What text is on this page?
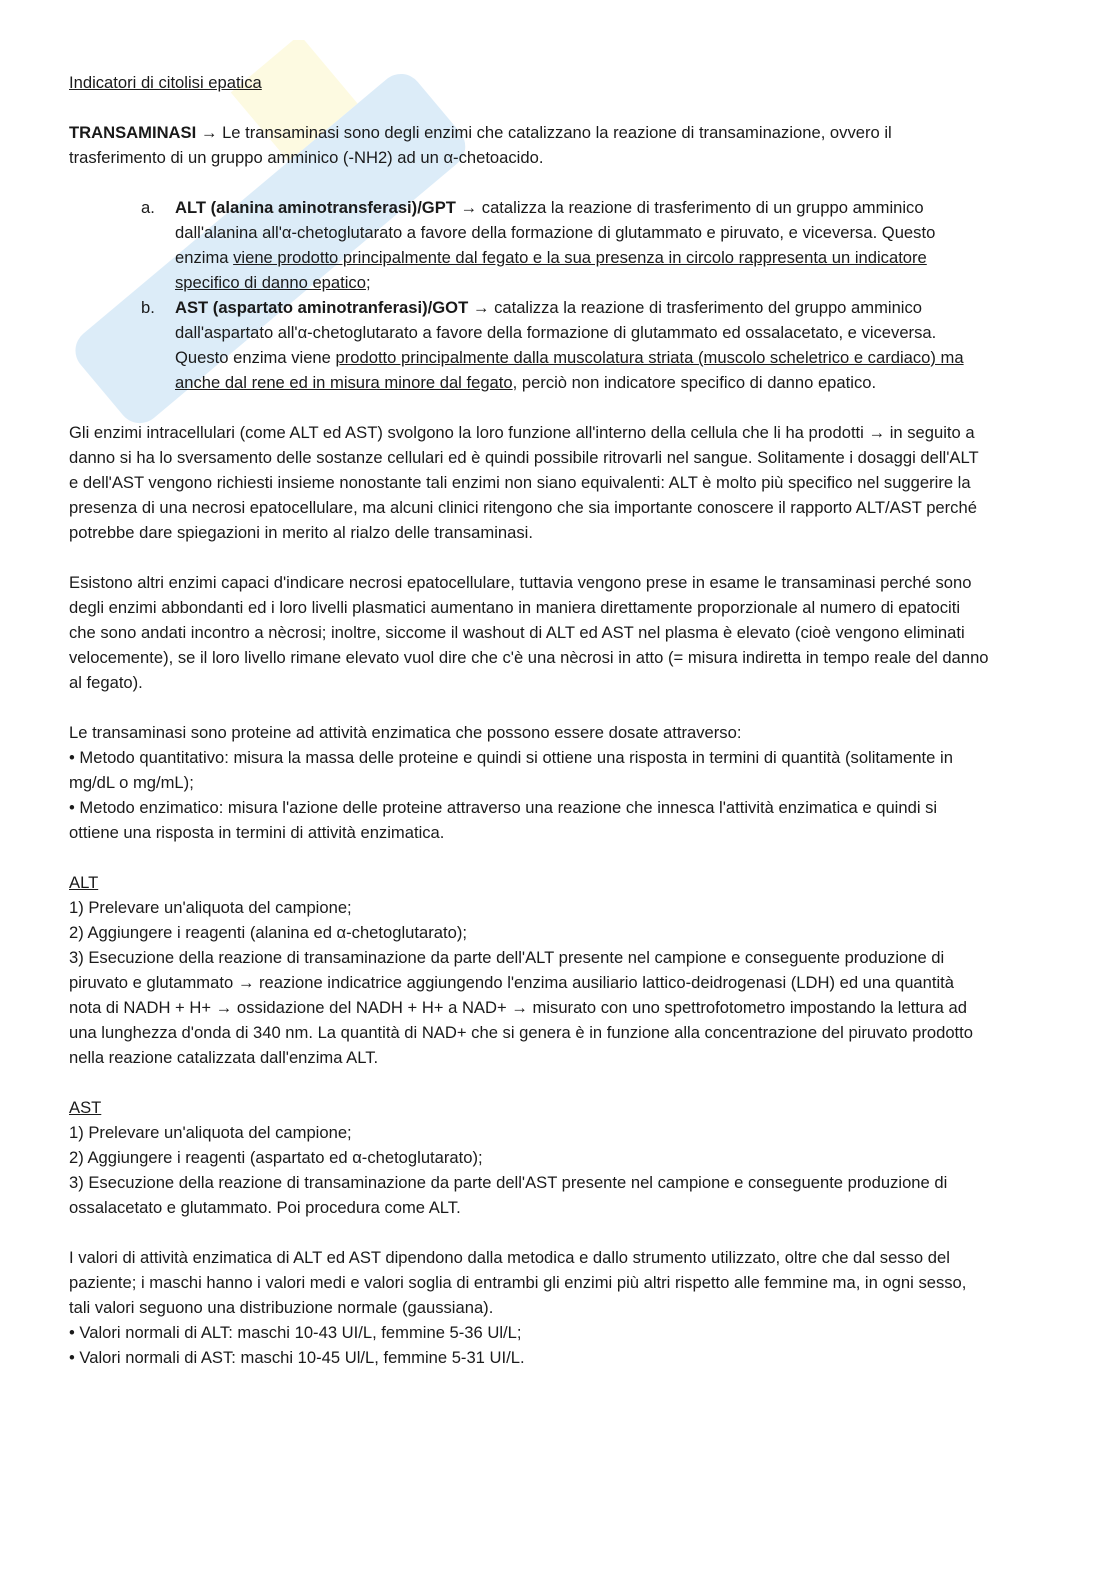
Indicatori di citolisi epatica

TRANSAMINASI → Le transaminasi sono degli enzimi che catalizzano la reazione di transaminazione, ovvero il trasferimento di un gruppo amminico (-NH2) ad un α-chetoacido.

a. ALT (alanina aminotransferasi)/GPT → catalizza la reazione di trasferimento di un gruppo amminico dall'alanina all'α-chetoglutarato a favore della formazione di glutammato e piruvato, e viceversa. Questo enzima viene prodotto principalmente dal fegato e la sua presenza in circolo rappresenta un indicatore specifico di danno epatico;
b. AST (aspartato aminotranferasi)/GOT → catalizza la reazione di trasferimento del gruppo amminico dall'aspartato all'α-chetoglutarato a favore della formazione di glutammato ed ossalacetato, e viceversa. Questo enzima viene prodotto principalmente dalla muscolatura striata (muscolo scheletrico e cardiaco) ma anche dal rene ed in misura minore dal fegato, perciò non indicatore specifico di danno epatico.

Gli enzimi intracellulari (come ALT ed AST) svolgono la loro funzione all'interno della cellula che li ha prodotti → in seguito a danno si ha lo sversamento delle sostanze cellulari ed è quindi possibile ritrovarli nel sangue. Solitamente i dosaggi dell'ALT e dell'AST vengono richiesti insieme nonostante tali enzimi non siano equivalenti: ALT è molto più specifico nel suggerire la presenza di una necrosi epatocellulare, ma alcuni clinici ritengono che sia importante conoscere il rapporto ALT/AST perché potrebbe dare spiegazioni in merito al rialzo delle transaminasi.

Esistono altri enzimi capaci d'indicare necrosi epatocellulare, tuttavia vengono prese in esame le transaminasi perché sono degli enzimi abbondanti ed i loro livelli plasmatici aumentano in maniera direttamente proporzionale al numero di epatociti che sono andati incontro a nècrosi; inoltre, siccome il washout di ALT ed AST nel plasma è elevato (cioè vengono eliminati velocemente), se il loro livello rimane elevato vuol dire che c'è una nècrosi in atto (= misura indiretta in tempo reale del danno al fegato).

Le transaminasi sono proteine ad attività enzimatica che possono essere dosate attraverso:

• Metodo quantitativo: misura la massa delle proteine e quindi si ottiene una risposta in termini di quantità (solitamente in mg/dL o mg/mL);

• Metodo enzimatico: misura l'azione delle proteine attraverso una reazione che innesca l'attività enzimatica e quindi si ottiene una risposta in termini di attività enzimatica.

ALT

1) Prelevare un'aliquota del campione;

2) Aggiungere i reagenti (alanina ed α-chetoglutarato);

3) Esecuzione della reazione di transaminazione da parte dell'ALT presente nel campione e conseguente produzione di piruvato e glutammato → reazione indicatrice aggiungendo l'enzima ausiliario lattico-deidrogenasi (LDH) ed una quantità nota di NADH + H+ → ossidazione del NADH + H+ a NAD+ → misurato con uno spettrofotometro impostando la lettura ad una lunghezza d'onda di 340 nm. La quantità di NAD+ che si genera è in funzione alla concentrazione del piruvato prodotto nella reazione catalizzata dall'enzima ALT.

AST

1) Prelevare un'aliquota del campione;

2) Aggiungere i reagenti (aspartato ed α-chetoglutarato);

3) Esecuzione della reazione di transaminazione da parte dell'AST presente nel campione e conseguente produzione di ossalacetato e glutammato. Poi procedura come ALT.

I valori di attività enzimatica di ALT ed AST dipendono dalla metodica e dallo strumento utilizzato, oltre che dal sesso del paziente; i maschi hanno i valori medi e valori soglia di entrambi gli enzimi più altri rispetto alle femmine ma, in ogni sesso, tali valori seguono una distribuzione normale (gaussiana).

• Valori normali di ALT: maschi 10-43 UI/L, femmine 5-36 Ul/L;

• Valori normali di AST: maschi 10-45 Ul/L, femmine 5-31 UI/L.
